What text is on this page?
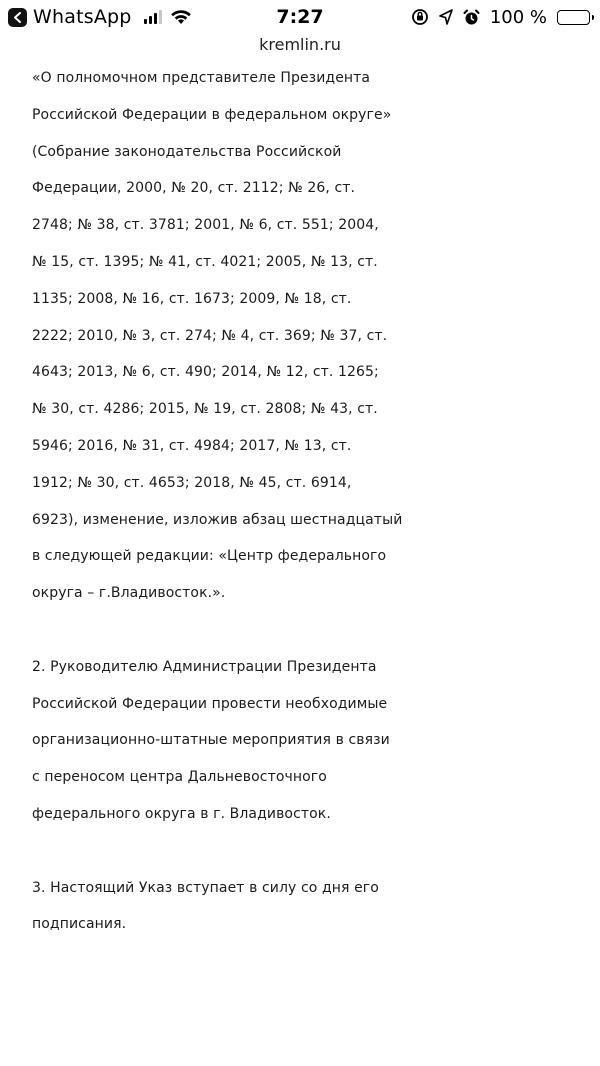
WhatsApp	7:27	100 %
kremlin.ru
«О полномочном представителе Президента
Российской Федерации в федеральном округе»
(Собрание законодательства Российской
Федерации, 2000, № 20, ст. 2112; № 26, ст.
2748; № 38, ст. 3781; 2001, № 6, ст. 551; 2004,
№ 15, ст. 1395; № 41, ст. 4021; 2005, № 13, ст.
1135; 2008, № 16, ст. 1673; 2009, № 18, ст.
2222; 2010, № 3, ст. 274; № 4, ст. 369; № 37, ст.
4643; 2013, № 6, ст. 490; 2014, № 12, ст. 1265;
№ 30, ст. 4286; 2015, № 19, ст. 2808; № 43, ст.
5946; 2016, № 31, ст. 4984; 2017, № 13, ст.
1912; № 30, ст. 4653; 2018, № 45, ст. 6914,
6923), изменение, изложив абзац шестнадцатый
в следующей редакции: «Центр федерального
округа – г.Владивосток.».
2. Руководителю Администрации Президента
Российской Федерации провести необходимые
организационно-штатные мероприятия в связи
с переносом центра Дальневосточного
федерального округа в г. Владивосток.
3. Настоящий Указ вступает в силу со дня его
подписания.
